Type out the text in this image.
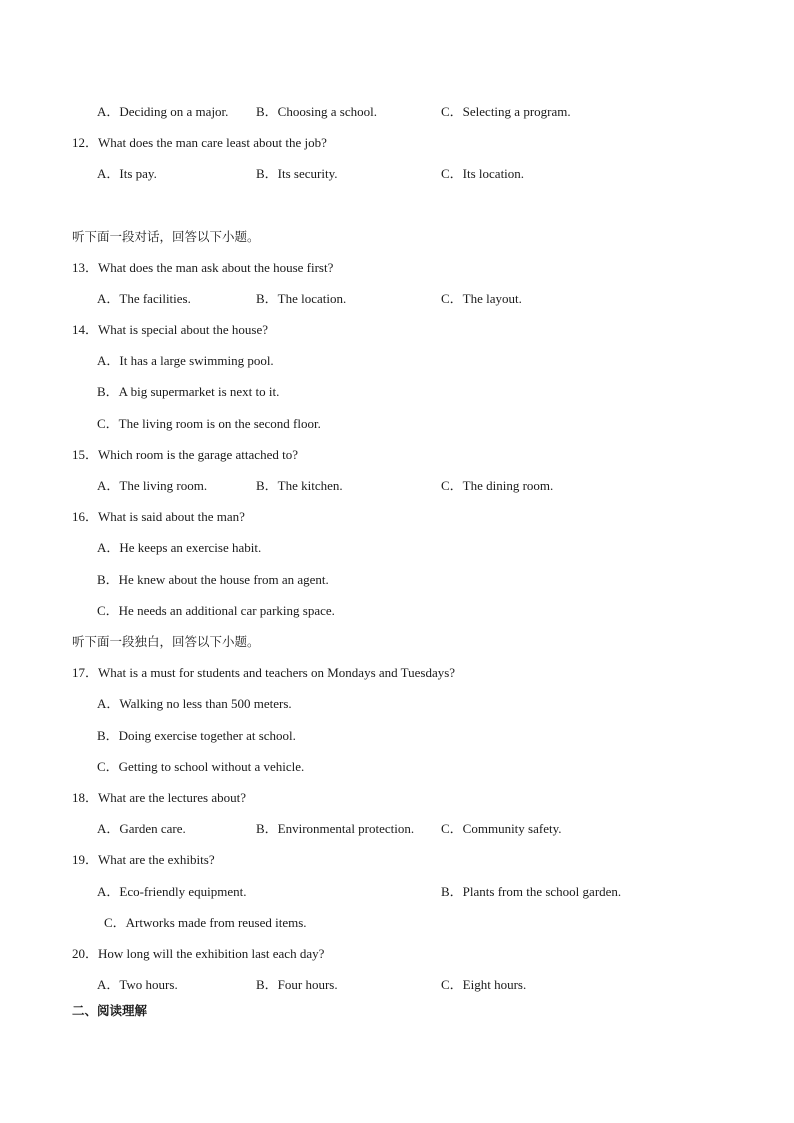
A．Deciding on a major. B．Choosing a school.	C．Selecting a program.
12．What does the man care least about the job?
A．Its pay.	B．Its security.	C．Its location.
听下面一段对话，回答以下小题。
13．What does the man ask about the house first?
A．The facilities.	B．The location.	C．The layout.
14．What is special about the house?
A．It has a large swimming pool.
B．A big supermarket is next to it.
C．The living room is on the second floor.
15．Which room is the garage attached to?
A．The living room.	B．The kitchen.	C．The dining room.
16．What is said about the man?
A．He keeps an exercise habit.
B．He knew about the house from an agent.
C．He needs an additional car parking space.
听下面一段独白，回答以下小题。
17．What is a must for students and teachers on Mondays and Tuesdays?
A．Walking no less than 500 meters.
B．Doing exercise together at school.
C．Getting to school without a vehicle.
18．What are the lectures about?
A．Garden care.	B．Environmental protection. C．Community safety.
19．What are the exhibits?
A．Eco-friendly equipment.	B．Plants from the school garden.
C．Artworks made from reused items.
20．How long will the exhibition last each day?
A．Two hours.	B．Four hours.	C．Eight hours.
二、阅读理解
